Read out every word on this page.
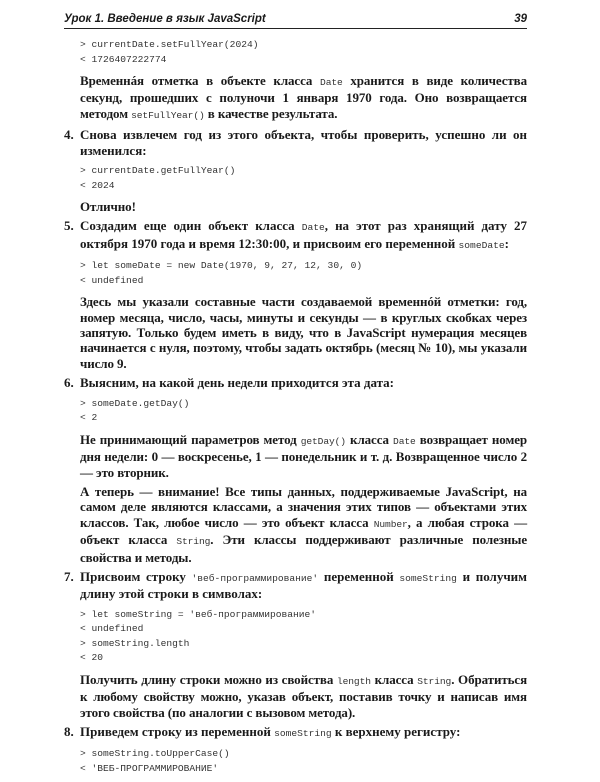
Урок 1. Введение в язык JavaScript	39
> currentDate.setFullYear(2024)
< 1726407222774
Временнáя отметка в объекте класса Date хранится в виде количества секунд, прошедших с полуночи 1 января 1970 года. Оно возвращается методом setFullYear() в качестве результата.
4. Снова извлечем год из этого объекта, чтобы проверить, успешно ли он изменился:
> currentDate.getFullYear()
< 2024
Отлично!
5. Создадим еще один объект класса Date, на этот раз хранящий дату 27 октября 1970 года и время 12:30:00, и присвоим его переменной someDate:
> let someDate = new Date(1970, 9, 27, 12, 30, 0)
< undefined
Здесь мы указали составные части создаваемой временнóй отметки: год, номер месяца, число, часы, минуты и секунды — в круглых скобках через запятую. Только будем иметь в виду, что в JavaScript нумерация месяцев начинается с нуля, поэтому, чтобы задать октябрь (месяц № 10), мы указали число 9.
6. Выясним, на какой день недели приходится эта дата:
> someDate.getDay()
< 2
Не принимающий параметров метод getDay() класса Date возвращает номер дня недели: 0 — воскресенье, 1 — понедельник и т. д. Возвращенное число 2 — это вторник.
А теперь — внимание! Все типы данных, поддерживаемые JavaScript, на самом деле являются классами, а значения этих типов — объектами этих классов. Так, любое число — это объект класса Number, а любая строка — объект класса String. Эти классы поддерживают различные полезные свойства и методы.
7. Присвоим строку 'веб-программирование' переменной someString и получим длину этой строки в символах:
> let someString = 'веб-программирование'
< undefined
> someString.length
< 20
Получить длину строки можно из свойства length класса String. Обратиться к любому свойству можно, указав объект, поставив точку и написав имя этого свойства (по аналогии с вызовом метода).
8. Приведем строку из переменной someString к верхнему регистру:
> someString.toUpperCase()
< 'ВЕБ-ПРОГРАММИРОВАНИЕ'
